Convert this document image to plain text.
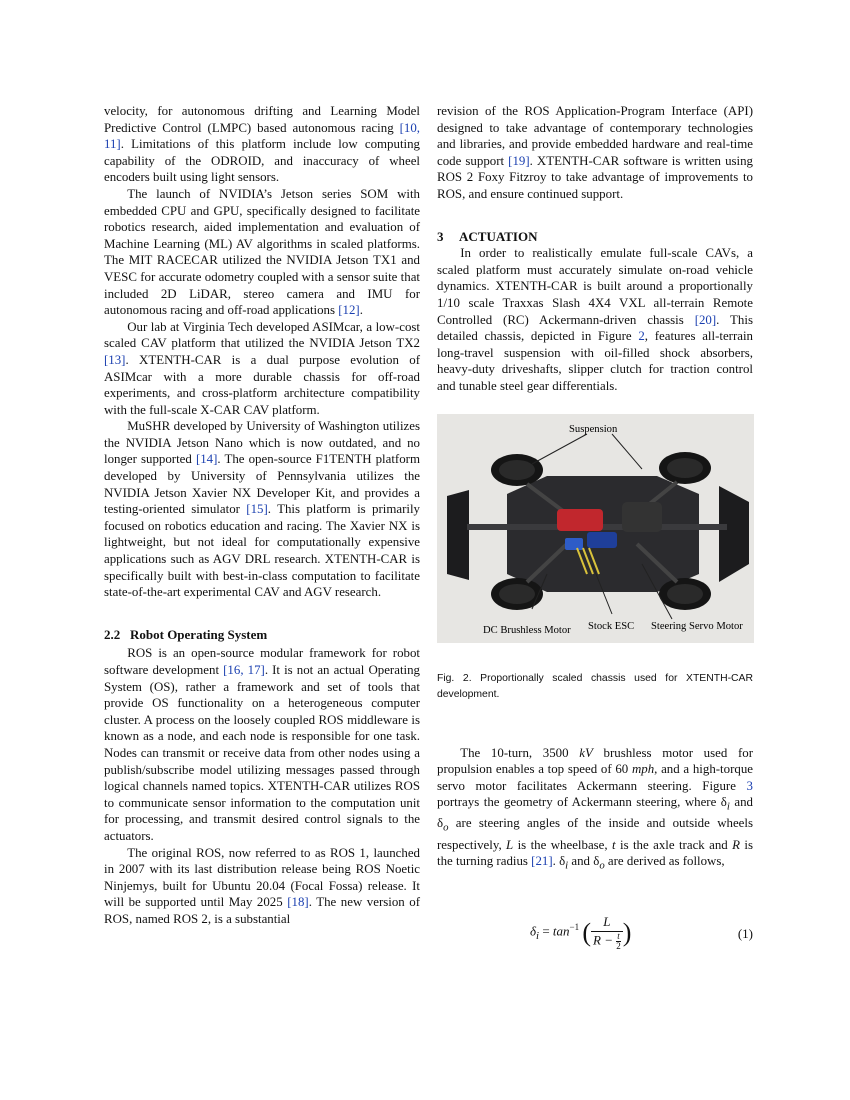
velocity, for autonomous drifting and Learning Model Predictive Control (LMPC) based autonomous racing [10, 11]. Limitations of this platform include low computing capability of the ODROID, and inaccuracy of wheel encoders built using light sensors.

The launch of NVIDIA’s Jetson series SOM with embedded CPU and GPU, specifically designed to facilitate robotics research, aided implementation and evaluation of Machine Learning (ML) AV algorithms in scaled platforms. The MIT RACECAR utilized the NVIDIA Jetson TX1 and VESC for accurate odometry coupled with a sensor suite that included 2D LiDAR, stereo camera and IMU for autonomous racing and off-road applications [12].

Our lab at Virginia Tech developed ASIMcar, a low-cost scaled CAV platform that utilized the NVIDIA Jetson TX2 [13]. XTENTH-CAR is a dual purpose evolution of ASIMcar with a more durable chassis for off-road experiments, and cross-platform architecture compatibility with the full-scale X-CAR CAV platform.

MuSHR developed by University of Washington utilizes the NVIDIA Jetson Nano which is now outdated, and no longer supported [14]. The open-source F1TENTH platform developed by University of Pennsylvania utilizes the NVIDIA Jetson Xavier NX Developer Kit, and provides a testing-oriented simulator [15]. This platform is primarily focused on robotics education and racing. The Xavier NX is lightweight, but not ideal for computationally expensive applications such as AGV DRL research. XTENTH-CAR is specifically built with best-in-class computation to facilitate state-of-the-art experimental CAV and AGV research.

2.2 Robot Operating System

ROS is an open-source modular framework for robot software development [16, 17]. It is not an actual Operating System (OS), rather a framework and set of tools that provide OS functionality on a heterogeneous computer cluster. A process on the loosely coupled ROS middleware is known as a node, and each node is responsible for one task. Nodes can transmit or receive data from other nodes using a publish/subscribe model utilizing messages passed through logical channels named topics. XTENTH-CAR utilizes ROS to communicate sensor information to the computation unit for processing, and transmit desired control signals to the actuators.

The original ROS, now referred to as ROS 1, launched in 2007 with its last distribution release being ROS Noetic Ninjemys, built for Ubuntu 20.04 (Focal Fossa) release. It will be supported until May 2025 [18]. The new version of ROS, named ROS 2, is a substantial

revision of the ROS Application-Program Interface (API) designed to take advantage of contemporary technologies and libraries, and provide embedded hardware and real-time code support [19]. XTENTH-CAR software is written using ROS 2 Foxy Fitzroy to take advantage of improvements to ROS, and ensure continued support.

3 ACTUATION

In order to realistically emulate full-scale CAVs, a scaled platform must accurately simulate on-road vehicle dynamics. XTENTH-CAR is built around a proportionally 1/10 scale Traxxas Slash 4X4 VXL all-terrain Remote Controlled (RC) Ackermann-driven chassis [20]. This detailed chassis, depicted in Figure 2, features all-terrain long-travel suspension with oil-filled shock absorbers, heavy-duty driveshafts, slipper clutch for traction control and tunable steel gear differentials.

Suspension
DC Brushless Motor Stock ESC Steering Servo Motor

Fig. 2. Proportionally scaled chassis used for XTENTH-CAR development.

The 10-turn, 3500 kV brushless motor used for propulsion enables a top speed of 60 mph, and a high-torque servo motor facilitates Ackermann steering. Figure 3 portrays the geometry of Ackermann steering, where $\delta_i$ and $\delta_o$ are steering angles of the inside and outside wheels respectively, L is the wheelbase, t is the axle track and R is the turning radius [21]. $\delta_i$ and $\delta_o$ are derived as follows,

$\delta_i = \tan^{-1}$ ( $\frac{L}{R - \frac{t}{2}}$ )	(1)
